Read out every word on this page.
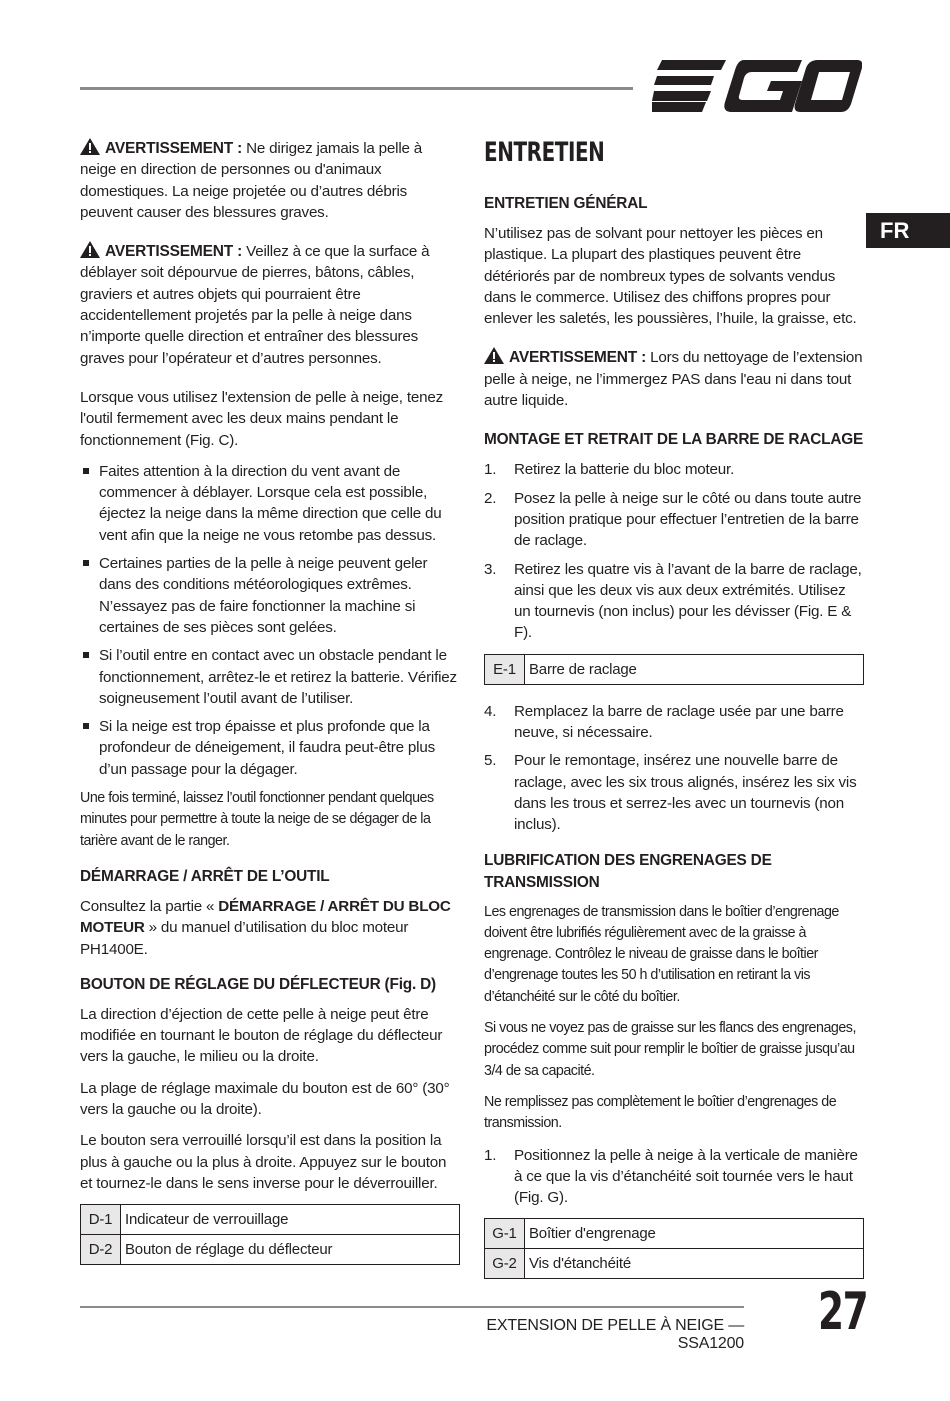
FR

AVERTISSEMENT : Ne dirigez jamais la pelle à neige en direction de personnes ou d'animaux domestiques. La neige projetée ou d’autres débris peuvent causer des blessures graves.

AVERTISSEMENT : Veillez à ce que la surface à déblayer soit dépourvue de pierres, bâtons, câbles, graviers et autres objets qui pourraient être accidentellement projetés par la pelle à neige dans n’importe quelle direction et entraîner des blessures graves pour l’opérateur et d’autres personnes.

Lorsque vous utilisez l'extension de pelle à neige, tenez l'outil fermement avec les deux mains pendant le fonctionnement (Fig. C).

Faites attention à la direction du vent avant de commencer à déblayer. Lorsque cela est possible, éjectez la neige dans la même direction que celle du vent afin que la neige ne vous retombe pas dessus.
Certaines parties de la pelle à neige peuvent geler dans des conditions météorologiques extrêmes. N’essayez pas de faire fonctionner la machine si certaines de ses pièces sont gelées.
Si l’outil entre en contact avec un obstacle pendant le fonctionnement, arrêtez-le et retirez la batterie. Vérifiez soigneusement l’outil avant de l’utiliser.
Si la neige est trop épaisse et plus profonde que la profondeur de déneigement, il faudra peut-être plus d’un passage pour la dégager.

Une fois terminé, laissez l’outil fonctionner pendant quelques minutes pour permettre à toute la neige de se dégager de la tarière avant de le ranger.

DÉMARRAGE / ARRÊT DE L’OUTIL

Consultez la partie « DÉMARRAGE / ARRÊT DU BLOC MOTEUR » du manuel d’utilisation du bloc moteur PH1400E.

BOUTON DE RÉGLAGE DU DÉFLECTEUR (Fig. D)

La direction d’éjection de cette pelle à neige peut être modifiée en tournant le bouton de réglage du déflecteur vers la gauche, le milieu ou la droite.

La plage de réglage maximale du bouton est de 60° (30° vers la gauche ou la droite).

Le bouton sera verrouillé lorsqu’il est dans la position la plus à gauche ou la plus à droite. Appuyez sur le bouton et tournez-le dans le sens inverse pour le déverrouiller.

D-1	Indicateur de verrouillage
D-2	Bouton de réglage du déflecteur
ENTRETIEN
ENTRETIEN GÉNÉRAL

N’utilisez pas de solvant pour nettoyer les pièces en plastique. La plupart des plastiques peuvent être détériorés par de nombreux types de solvants vendus dans le commerce. Utilisez des chiffons propres pour enlever les saletés, les poussières, l’huile, la graisse, etc.

AVERTISSEMENT : Lors du nettoyage de l’extension pelle à neige, ne l’immergez PAS dans l'eau ni dans tout autre liquide.

MONTAGE ET RETRAIT DE LA BARRE DE RACLAGE
1. Retirez la batterie du bloc moteur.
2. Posez la pelle à neige sur le côté ou dans toute autre position pratique pour effectuer l’entretien de la barre de raclage.
3. Retirez les quatre vis à l’avant de la barre de raclage, ainsi que les deux vis aux deux extrémités. Utilisez un tournevis (non inclus) pour les dévisser (Fig. E & F).
E-1	Barre de raclage
4. Remplacez la barre de raclage usée par une barre neuve, si nécessaire.
5. Pour le remontage, insérez une nouvelle barre de raclage, avec les six trous alignés, insérez les six vis dans les trous et serrez-les avec un tournevis (non inclus).
LUBRIFICATION DES ENGRENAGES DE TRANSMISSION

Les engrenages de transmission dans le boîtier d’engrenage doivent être lubrifiés régulièrement avec de la graisse à engrenage. Contrôlez le niveau de graisse dans le boîtier d’engrenage toutes les 50 h d’utilisation en retirant la vis d’étanchéité sur le côté du boîtier.

Si vous ne voyez pas de graisse sur les flancs des engrenages, procédez comme suit pour remplir le boîtier de graisse jusqu’au 3/4 de sa capacité.

Ne remplissez pas complètement le boîtier d’engrenages de transmission.

1. Positionnez la pelle à neige à la verticale de manière à ce que la vis d’étanchéité soit tournée vers le haut (Fig. G).
G-1	Boîtier d'engrenage
G-2	Vis d'étanchéité
EXTENSION DE PELLE À NEIGE — SSA1200
27
